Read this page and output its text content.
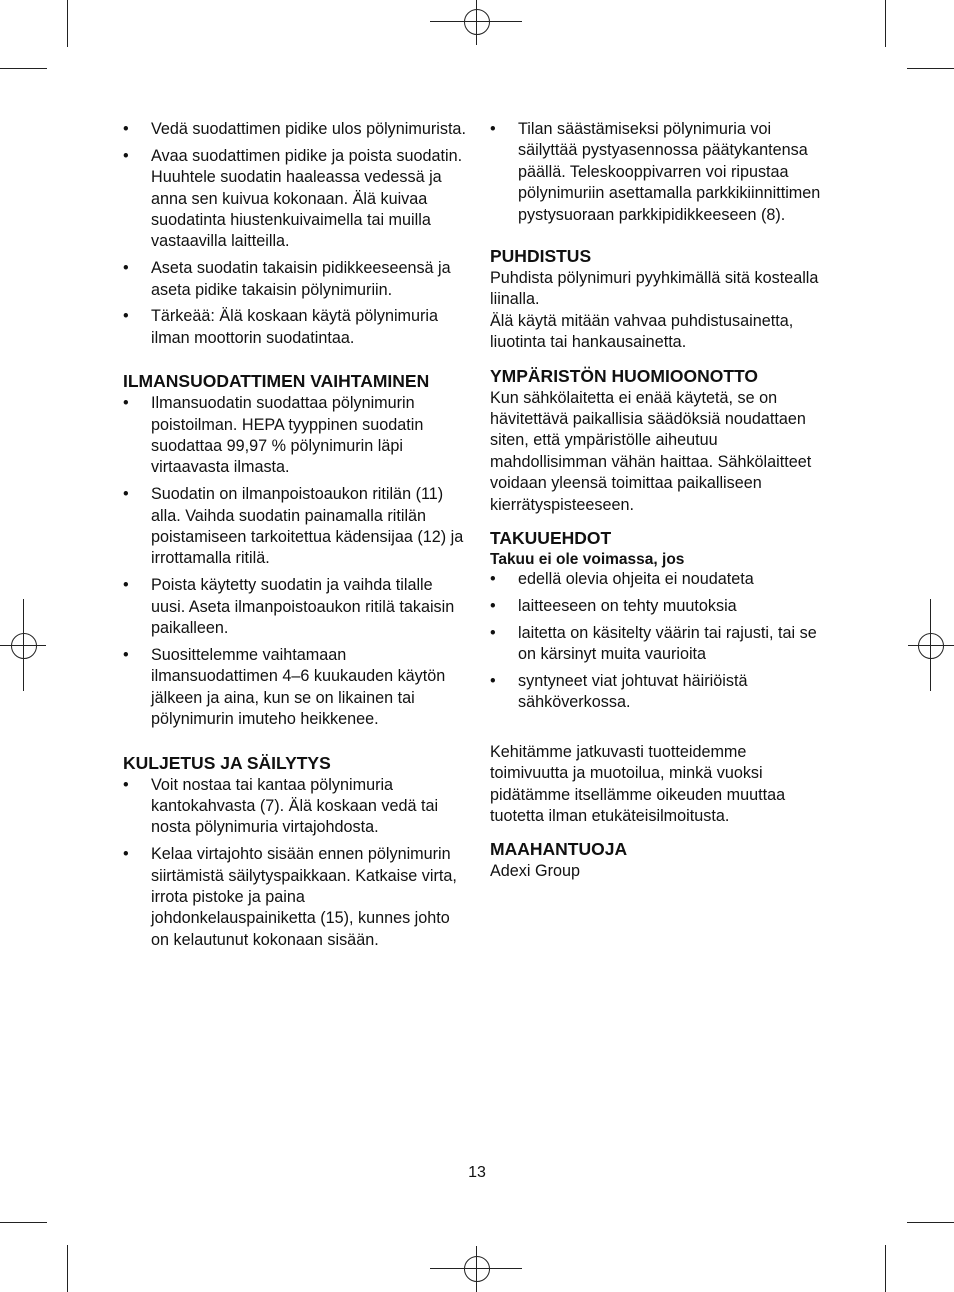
• Vedä suodattimen pidike ulos pölynimurista.
• Avaa suodattimen pidike ja poista suodatin. Huuhtele suodatin haaleassa vedessä ja anna sen kuivua kokonaan. Älä kuivaa suodatinta hiustenkuivaimella tai muilla vastaavilla laitteilla.
• Aseta suodatin takaisin pidikkeeseensä ja aseta pidike takaisin pölynimuriin.
• Tärkeää: Älä koskaan käytä pölynimuria ilman moottorin suodatintaa.
ILMANSUODATTIMEN VAIHTAMINEN
• Ilmansuodatin suodattaa pölynimurin poistoilman. HEPA tyyppinen suodatin suodattaa 99,97 % pölynimurin läpi virtaavasta ilmasta.
• Suodatin on ilmanpoistoaukon ritilän (11) alla. Vaihda suodatin painamalla ritilän poistamiseen tarkoitettua kädensijaa (12) ja irrottamalla ritilä.
• Poista käytetty suodatin ja vaihda tilalle uusi. Aseta ilmanpoistoaukon ritilä takaisin paikalleen.
• Suosittelemme vaihtamaan ilmansuodattimen 4–6 kuukauden käytön jälkeen ja aina, kun se on likainen tai pölynimurin imuteho heikkenee.
KULJETUS JA SÄILYTYS
• Voit nostaa tai kantaa pölynimuria kantokahvasta (7). Älä koskaan vedä tai nosta pölynimuria virtajohdosta.
• Kelaa virtajohto sisään ennen pölynimurin siirtämistä säilytyspaikkaan. Katkaise virta, irrota pistoke ja paina johdonkelauspainiketta (15), kunnes johto on kelautunut kokonaan sisään.
• Tilan säästämiseksi pölynimuria voi säilyttää pystyasennossa päätykantensa päällä. Teleskooppivarren voi ripustaa pölynimuriin asettamalla parkkikiinnittimen pystysuoraan parkkipidikkeeseen (8).
PUHDISTUS

Puhdista pölynimuri pyyhkimällä sitä kostealla liinalla.

Älä käytä mitään vahvaa puhdistusainetta, liuotinta tai hankausainetta.

YMPÄRISTÖN HUOMIOONOTTO

Kun sähkölaitetta ei enää käytetä, se on hävitettävä paikallisia säädöksiä noudattaen siten, että ympäristölle aiheutuu mahdollisimman vähän haittaa. Sähkölaitteet voidaan yleensä toimittaa paikalliseen kierrätyspisteeseen.

TAKUUEHDOT
Takuu ei ole voimassa, jos
• edellä olevia ohjeita ei noudateta
• laitteeseen on tehty muutoksia
• laitetta on käsitelty väärin tai rajusti, tai se on kärsinyt muita vaurioita
• syntyneet viat johtuvat häiriöistä sähköverkossa.

Kehitämme jatkuvasti tuotteidemme toimivuutta ja muotoilua, minkä vuoksi pidätämme itsellämme oikeuden muuttaa tuotetta ilman etukäteisilmoitusta.

MAAHANTUOJA

Adexi Group

13
